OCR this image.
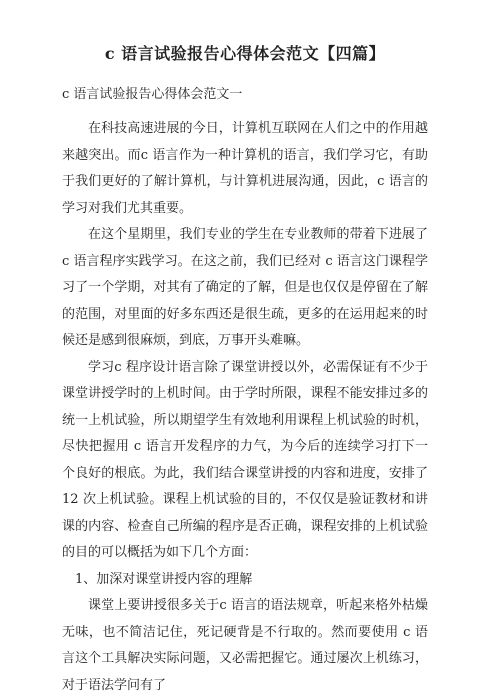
c 语言试验报告心得体会范文【四篇】

c 语言试验报告心得体会范文一

在科技高速进展的今日，计算机互联网在人们之中的作用越来越突出。而c 语言作为一种计算机的语言，我们学习它，有助于我们更好的了解计算机，与计算机进展沟通，因此，c 语言的学习对我们尤其重要。

在这个星期里，我们专业的学生在专业教师的带着下进展了 c 语言程序实践学习。在这之前，我们已经对 c 语言这门课程学习了一个学期，对其有了确定的了解，但是也仅仅是停留在了解的范围，对里面的好多东西还是很生疏，更多的在运用起来的时候还是感到很麻烦，到底，万事开头难嘛。

学习c 程序设计语言除了课堂讲授以外，必需保证有不少于课堂讲授学时的上机时间。由于学时所限，课程不能安排过多的统一上机试验，所以期望学生有效地利用课程上机试验的时机，尽快把握用 c 语言开发程序的力气，为今后的连续学习打下一个良好的根底。为此，我们结合课堂讲授的内容和进度，安排了 12 次上机试验。课程上机试验的目的，不仅仅是验证教材和讲课的内容、检查自己所编的程序是否正确，课程安排的上机试验的目的可以概括为如下几个方面：

1、加深对课堂讲授内容的理解

课堂上要讲授很多关于c 语言的语法规章，听起来格外枯燥无味，也不简洁记住，死记硬背是不行取的。然而要使用 c 语言这个工具解决实际问题，又必需把握它。通过屡次上机练习，对于语法学问有了
